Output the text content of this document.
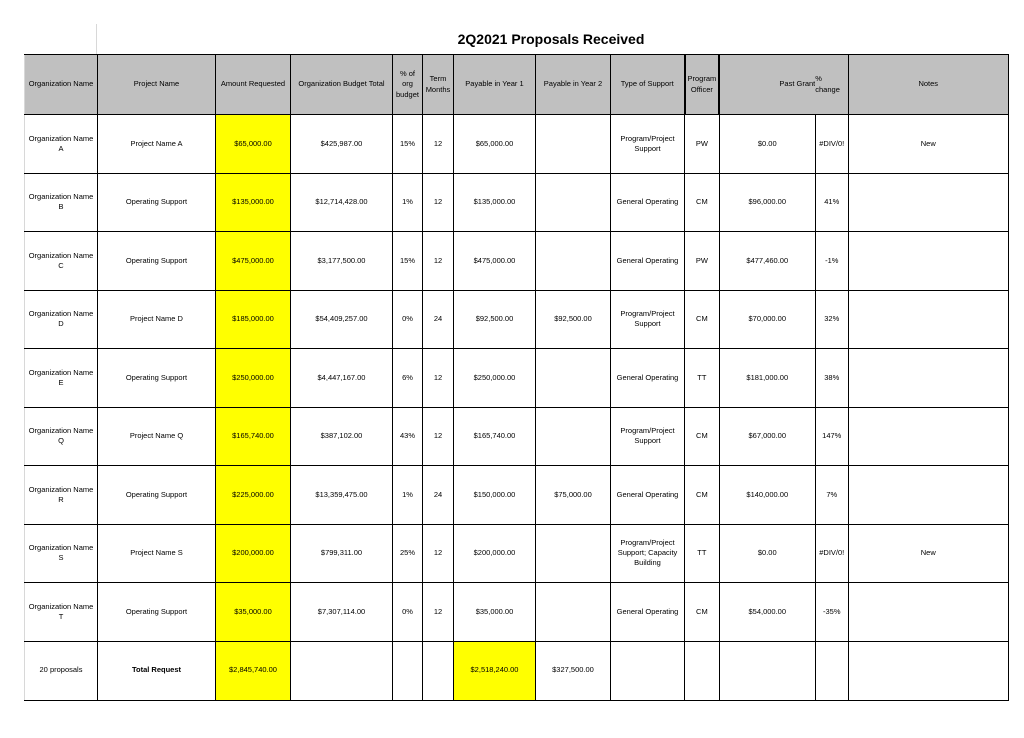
2Q2021 Proposals Received
Organization Name	Project Name	Amount Requested	Organization Budget Total	% of org budget	Term Months	Payable in Year 1	Payable in Year 2	Type of Support	Program Officer	Past Grant	% change	Notes
Organization Name A	Project Name A	$65,000.00	$425,987.00	15%	12	$65,000.00		Program/Project Support	PW	$0.00	#DIV/0!	New
Organization Name B	Operating Support	$135,000.00	$12,714,428.00	1%	12	$135,000.00		General Operating	CM	$96,000.00	41%	
Organization Name C	Operating Support	$475,000.00	$3,177,500.00	15%	12	$475,000.00		General Operating	PW	$477,460.00	-1%	
Organization Name D	Project Name D	$185,000.00	$54,409,257.00	0%	24	$92,500.00	$92,500.00	Program/Project Support	CM	$70,000.00	32%	
Organization Name E	Operating Support	$250,000.00	$4,447,167.00	6%	12	$250,000.00		General Operating	TT	$181,000.00	38%	
Organization Name Q	Project Name Q	$165,740.00	$387,102.00	43%	12	$165,740.00		Program/Project Support	CM	$67,000.00	147%	
Organization Name R	Operating Support	$225,000.00	$13,359,475.00	1%	24	$150,000.00	$75,000.00	General Operating	CM	$140,000.00	7%	
Organization Name S	Project Name S	$200,000.00	$799,311.00	25%	12	$200,000.00		Program/Project Support; Capacity Building	TT	$0.00	#DIV/0!	New
Organization Name T	Operating Support	$35,000.00	$7,307,114.00	0%	12	$35,000.00		General Operating	CM	$54,000.00	-35%	
20 proposals	Total Request	$2,845,740.00				$2,518,240.00	$327,500.00					
